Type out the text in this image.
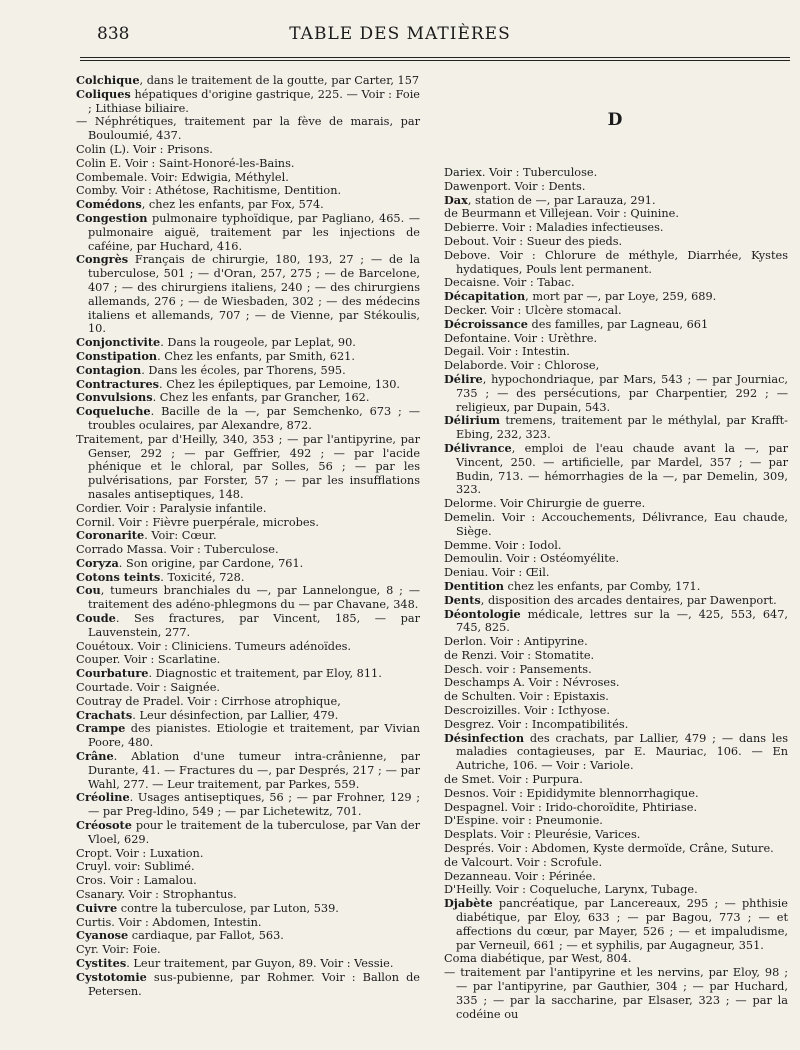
838	TABLE DES MATIÈRES

Colchique, dans le traitement de la goutte, par Carter, 157

Coliques hépatiques d'origine gastrique, 225. — Voir : Foie ; Lithiase biliaire.

— Néphrétiques, traitement par la fève de marais, par Bouloumié, 437.

Colin (L). Voir : Prisons.

Colin E. Voir : Saint-Honoré-les-Bains.

Combemale. Voir: Edwigia, Méthylel.

Comby. Voir : Athétose, Rachitisme, Dentition.

Comédons, chez les enfants, par Fox, 574.

Congestion pulmonaire typhoïdique, par Pagliano, 465. — pulmonaire aiguë, traitement par les injections de caféine, par Huchard, 416.

Congrès Français de chirurgie, 180, 193, 27 ; — de la tuberculose, 501 ; — d'Oran, 257, 275 ; — de Barcelone, 407 ; — des chirurgiens italiens, 240 ; — des chirurgiens allemands, 276 ; — de Wiesbaden, 302 ; — des médecins italiens et allemands, 707 ; — de Vienne, par Stékoulis, 10.

Conjonctivite. Dans la rougeole, par Leplat, 90.

Constipation. Chez les enfants, par Smith, 621.

Contagion. Dans les écoles, par Thorens, 595.

Contractures. Chez les épileptiques, par Lemoine, 130.

Convulsions. Chez les enfants, par Grancher, 162.

Coqueluche. Bacille de la —, par Semchenko, 673 ; — troubles oculaires, par Alexandre, 872.

Traitement, par d'Heilly, 340, 353 ; — par l'antipyrine, par Genser, 292 ; — par Geffrier, 492 ; — par l'acide phénique et le chloral, par Solles, 56 ; — par les pulvérisations, par Forster, 57 ; — par les insufflations nasales antiseptiques, 148.

Cordier. Voir : Paralysie infantile.

Cornil. Voir : Fièvre puerpérale, microbes.

Coronarite. Voir: Cœur.

Corrado Massa. Voir : Tuberculose.

Coryza. Son origine, par Cardone, 761.

Cotons teints. Toxicité, 728.

Cou, tumeurs branchiales du —, par Lannelongue, 8 ; — traitement des adéno-phlegmons du — par Chavane, 348.

Coude. Ses fractures, par Vincent, 185, — par Lauvenstein, 277.

Couétoux. Voir : Cliniciens. Tumeurs adénoïdes.

Couper. Voir : Scarlatine.

Courbature. Diagnostic et traitement, par Eloy, 811.

Courtade. Voir : Saignée.

Coutray de Pradel. Voir : Cirrhose atrophique,

Crachats. Leur désinfection, par Lallier, 479.

Crampe des pianistes. Etiologie et traitement, par Vivian Poore, 480.

Crâne. Ablation d'une tumeur intra-crânienne, par Durante, 41. — Fractures du —, par Després, 217 ; — par Wahl, 277. — Leur traitement, par Parkes, 559.

Créoline. Usages antiseptiques, 56 ; — par Frohner, 129 ; — par Preg-ldino, 549 ; — par Lichetewitz, 701.

Créosote pour le traitement de la tuberculose, par Van der Vloel, 629.

Cropt. Voir : Luxation.

Cruyl. voir: Sublimé.

Cros. Voir : Lamalou.

Csanary. Voir : Strophantus.

Cuivre contre la tuberculose, par Luton, 539.

Curtis. Voir : Abdomen, Intestin.

Cyanose cardiaque, par Fallot, 563.

Cyr. Voir: Foie.

Cystites. Leur traitement, par Guyon, 89. Voir : Vessie.

Cystotomie sus-pubienne, par Rohmer. Voir : Ballon de Petersen.

D

Dariex. Voir : Tuberculose.

Dawenport. Voir : Dents.

Dax, station de —, par Larauza, 291.

de Beurmann et Villejean. Voir : Quinine.

Debierre. Voir : Maladies infectieuses.

Debout. Voir : Sueur des pieds.

Debove. Voir : Chlorure de méthyle, Diarrhée, Kystes hydatiques, Pouls lent permanent.

Decaisne. Voir : Tabac.

Décapitation, mort par —, par Loye, 259, 689.

Decker. Voir : Ulcère stomacal.

Décroissance des familles, par Lagneau, 661

Defontaine. Voir : Urèthre.

Degail. Voir : Intestin.

Delaborde. Voir : Chlorose,

Délire, hypochondriaque, par Mars, 543 ; — par Journiac, 735 ; — des persécutions, par Charpentier, 292 ; — religieux, par Dupain, 543.

Délirium tremens, traitement par le méthylal, par Krafft-Ebing, 232, 323.

Délivrance, emploi de l'eau chaude avant la —, par Vincent, 250. — artificielle, par Mardel, 357 ; — par Budin, 713. — hémorrhagies de la —, par Demelin, 309, 323.

Delorme. Voir Chirurgie de guerre.

Demelin. Voir : Accouchements, Délivrance, Eau chaude, Siège.

Demme. Voir : Iodol.

Demoulin. Voir : Ostéomyélite.

Deniau. Voir : Œil.

Dentition chez les enfants, par Comby, 171.

Dents, disposition des arcades dentaires, par Dawenport.

Déontologie médicale, lettres sur la —, 425, 553, 647, 745, 825.

Derlon. Voir : Antipyrine.

de Renzi. Voir : Stomatite.

Desch. voir : Pansements.

Deschamps A. Voir : Névroses.

de Schulten. Voir : Epistaxis.

Descroizilles. Voir : Icthyose.

Desgrez. Voir : Incompatibilités.

Désinfection des crachats, par Lallier, 479 ; — dans les maladies contagieuses, par E. Mauriac, 106. — En Autriche, 106. — Voir : Variole.

de Smet. Voir : Purpura.

Desnos. Voir : Epididymite blennorrhagique.

Despagnel. Voir : Irido-choroïdite, Phtiriase.

D'Espine. voir : Pneumonie.

Desplats. Voir : Pleurésie, Varices.

Després. Voir : Abdomen, Kyste dermoïde, Crâne, Suture.

de Valcourt. Voir : Scrofule.

Dezanneau. Voir : Périnée.

D'Heilly. Voir : Coqueluche, Larynx, Tubage.

Djabète pancréatique, par Lancereaux, 295 ; — phthisie diabétique, par Eloy, 633 ; — par Bagou, 773 ; — et affections du cœur, par Mayer, 526 ; — et impaludisme, par Verneuil, 661 ; — et syphilis, par Augagneur, 351.

Coma diabétique, par West, 804.

— traitement par l'antipyrine et les nervins, par Eloy, 98 ; — par l'antipyrine, par Gauthier, 304 ; — par Huchard, 335 ; — par la saccharine, par Elsaser, 323 ; — par la codéine ou
